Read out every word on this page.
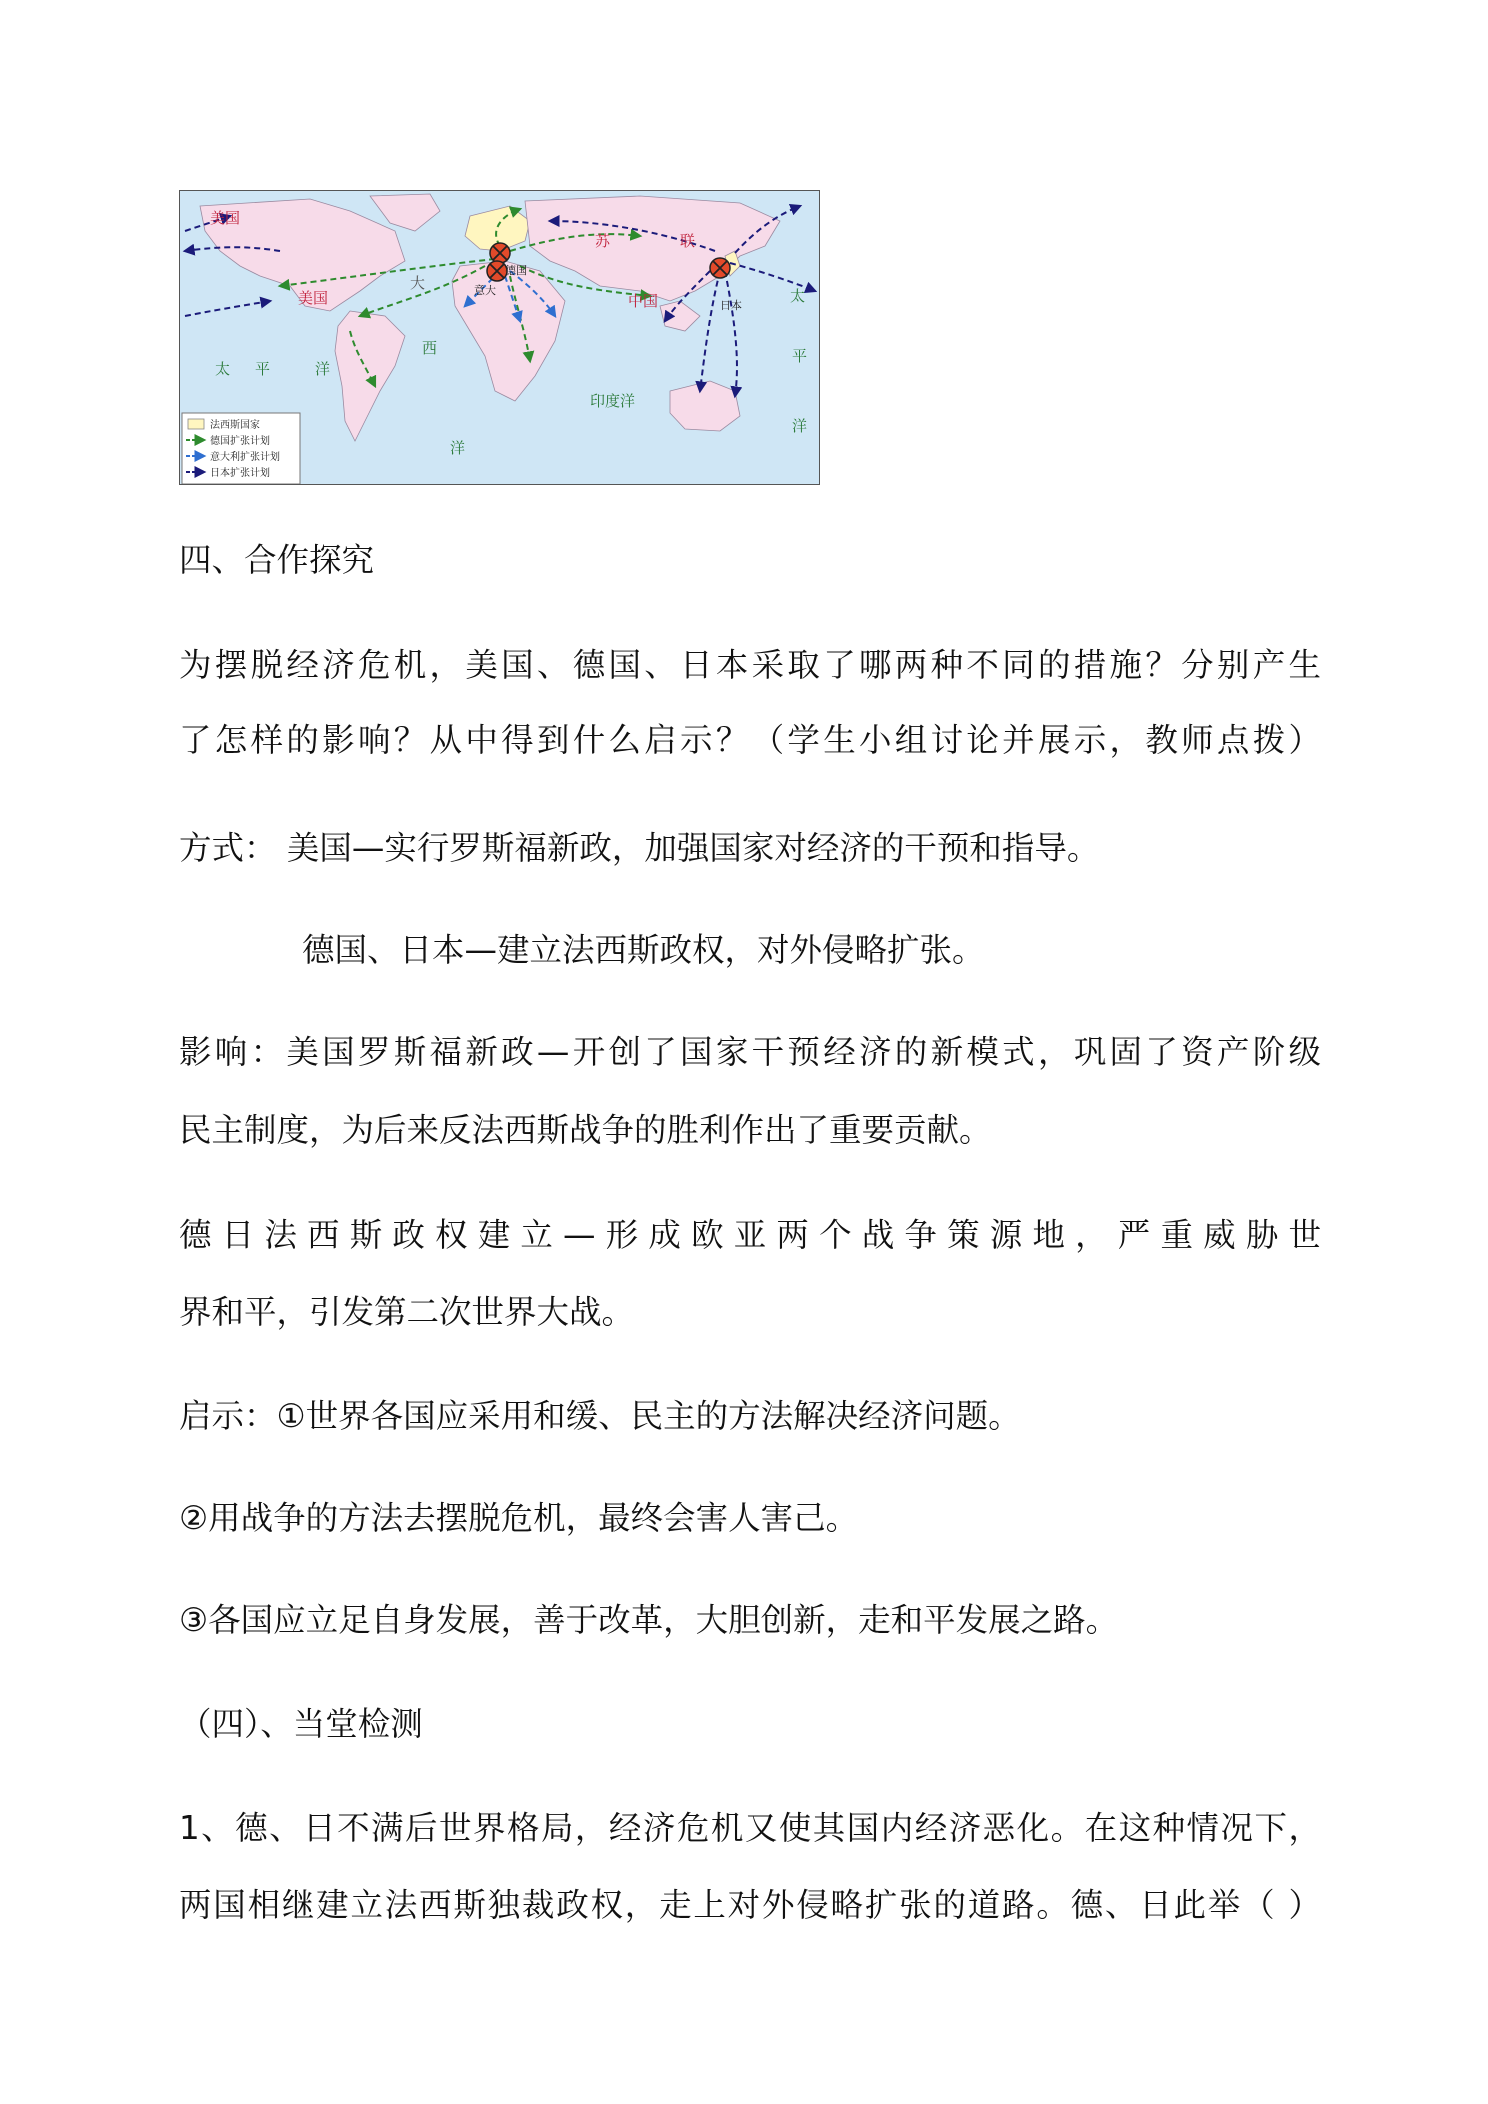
美国
美国
大
苏	联
中国
德国
意大
日本
太 平	洋
西
印度洋
洋
太
平
洋
法西斯国家
德国扩张计划
意大利扩张计划
日本扩张计划

四、合作探究

为摆脱经济危机，美国、德国、日本采取了哪两种不同的措施？分别产生

了怎样的影响？从中得到什么启示？（学生小组讨论并展示，教师点拨）

方式： 美国—实行罗斯福新政，加强国家对经济的干预和指导。

德国、日本—建立法西斯政权，对外侵略扩张。

影响：美国罗斯福新政—开创了国家干预经济的新模式，巩固了资产阶级

民主制度，为后来反法西斯战争的胜利作出了重要贡献。

德日法西斯政权建立—形成欧亚两个战争策源地，严重威胁世

界和平，引发第二次世界大战。

启示：①世界各国应采用和缓、民主的方法解决经济问题。

②用战争的方法去摆脱危机，最终会害人害己。

③各国应立足自身发展，善于改革，大胆创新，走和平发展之路。

（四）、当堂检测

1、德、日不满后世界格局，经济危机又使其国内经济恶化。在这种情况下，

两国相继建立法西斯独裁政权，走上对外侵略扩张的道路。德、日此举（ ）
